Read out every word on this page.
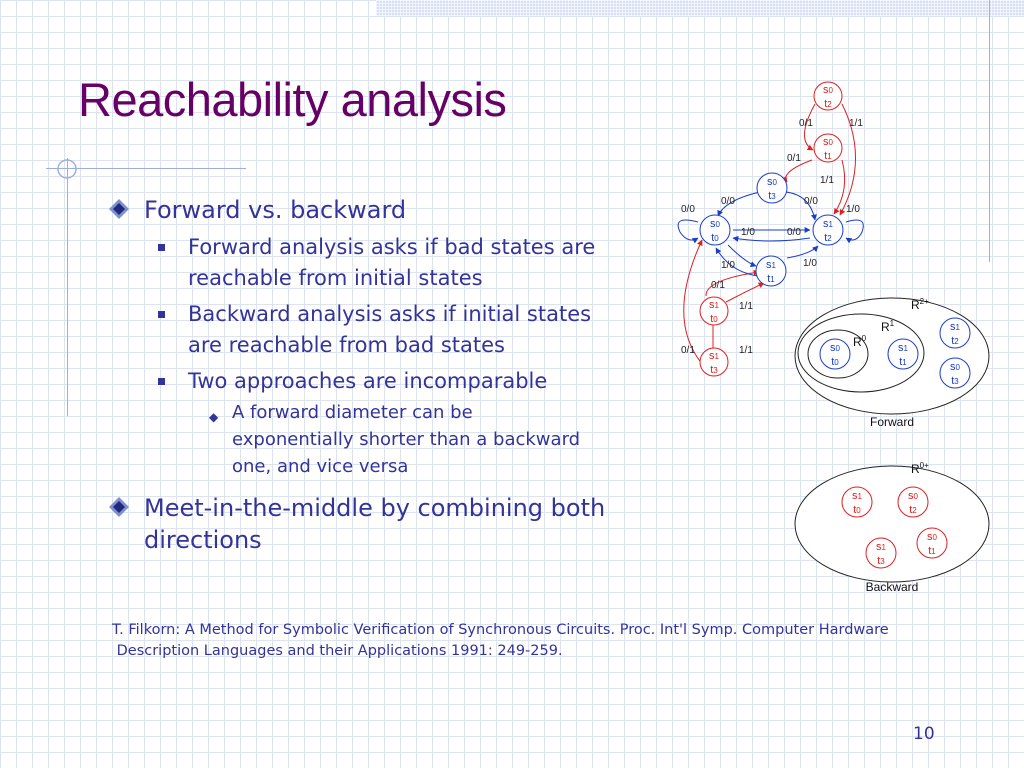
Reachability analysis
Forward vs. backward
Forward analysis asks if bad states are
reachable from initial states
Backward analysis asks if initial states
are reachable from bad states
Two approaches are incomparable
◆ A forward diameter can be
exponentially shorter than a backward
one, and vice versa
Meet-in-the-middle by combining both
directions
0/1	1/1
0/1
1/1
0/0	0/0
0/0	1/0
1/0	0/0
1/0	1/0
0/1
1/1
0/1	1/1
s0
t2
s0
t1
s0
t3
s0
t0
s1
t2
s1
t1
s1
t0
s1
t3
$R^{2+}$
$R^1$
$R^0$
s0
t0
s1
t1
s1
t2
s0
t3
Forward
$R^{0+}$
s1
t0
s0
t2
s0
t1
s1
t3
Backward
T. Filkorn: A Method for Symbolic Verification of Synchronous Circuits. Proc. Int'l Symp. Computer Hardware
Description Languages and their Applications 1991: 249-259.
10
